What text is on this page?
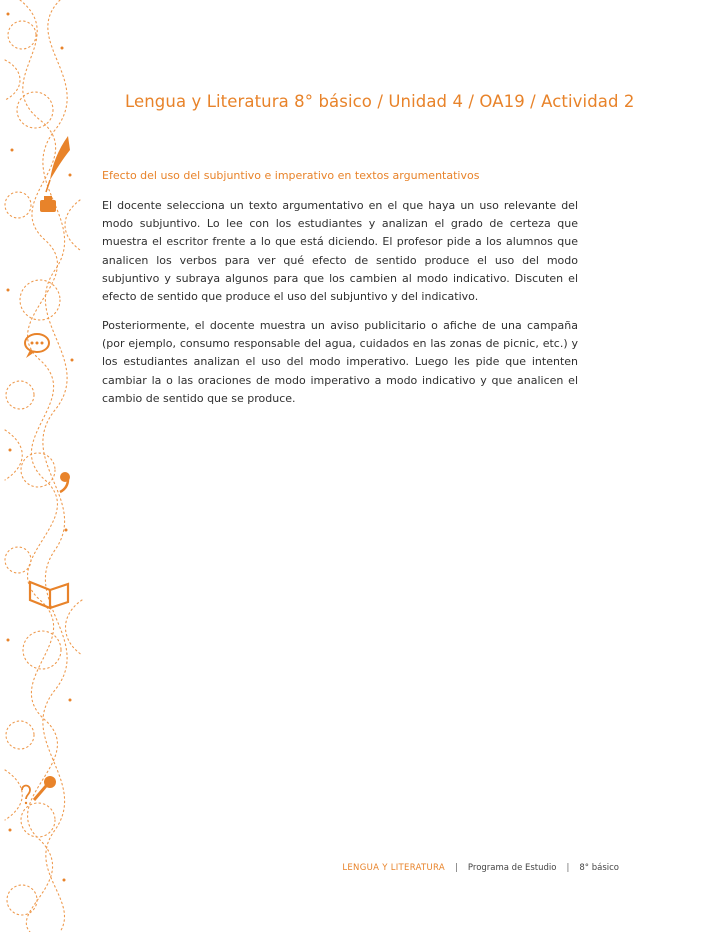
Lengua y Literatura 8° básico / Unidad 4 / OA19 / Actividad 2
Efecto del uso del subjuntivo e imperativo en textos argumentativos

El docente selecciona un texto argumentativo en el que haya un uso relevante del modo subjuntivo. Lo lee con los estudiantes y analizan el grado de certeza que muestra el escritor frente a lo que está diciendo. El profesor pide a los alumnos que analicen los verbos para ver qué efecto de sentido produce el uso del modo subjuntivo y subraya algunos para que los cambien al modo indicativo. Discuten el efecto de sentido que produce el uso del subjuntivo y del indicativo.

Posteriormente, el docente muestra un aviso publicitario o afiche de una campaña (por ejemplo, consumo responsable del agua, cuidados en las zonas de picnic, etc.) y los estudiantes analizan el uso del modo imperativo. Luego les pide que intenten cambiar la o las oraciones de modo imperativo a modo indicativo y que analicen el cambio de sentido que se produce.

LENGUA Y LITERATURA | Programa de Estudio | 8° básico
